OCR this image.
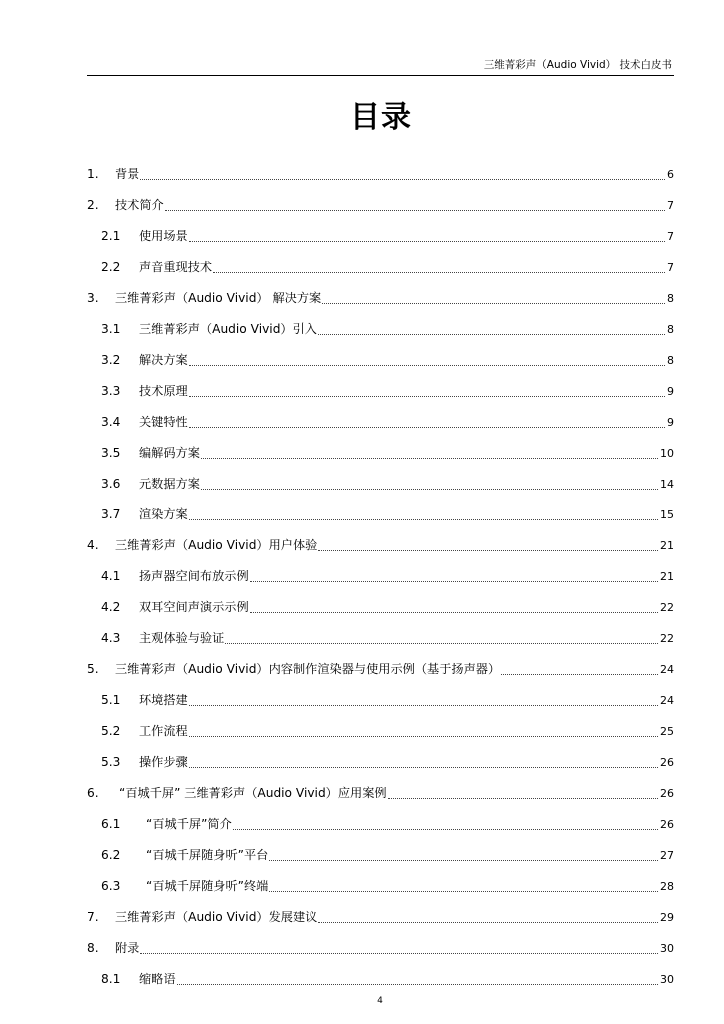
三维菁彩声（Audio Vivid） 技术白皮书
目录
1. 背景	6
2. 技术简介	7
2.1 使用场景	7
2.2 声音重现技术	7
3. 三维菁彩声（Audio Vivid） 解决方案	8
3.1 三维菁彩声（Audio Vivid）引入	8
3.2 解决方案	8
3.3 技术原理	9
3.4 关键特性	9
3.5 编解码方案	10
3.6 元数据方案	14
3.7 渲染方案	15
4. 三维菁彩声（Audio Vivid）用户体验	21
4.1 扬声器空间布放示例	21
4.2 双耳空间声演示示例	22
4.3 主观体验与验证	22
5. 三维菁彩声（Audio Vivid）内容制作渲染器与使用示例（基于扬声器）	24
5.1 环境搭建	24
5.2 工作流程	25
5.3 操作步骤	26
6. “百城千屏” 三维菁彩声（Audio Vivid）应用案例	26
6.1 “百城千屏”简介	26
6.2 “百城千屏随身听”平台	27
6.3 “百城千屏随身听”终端	28
7. 三维菁彩声（Audio Vivid）发展建议	29
8. 附录	30
8.1 缩略语	30
4
